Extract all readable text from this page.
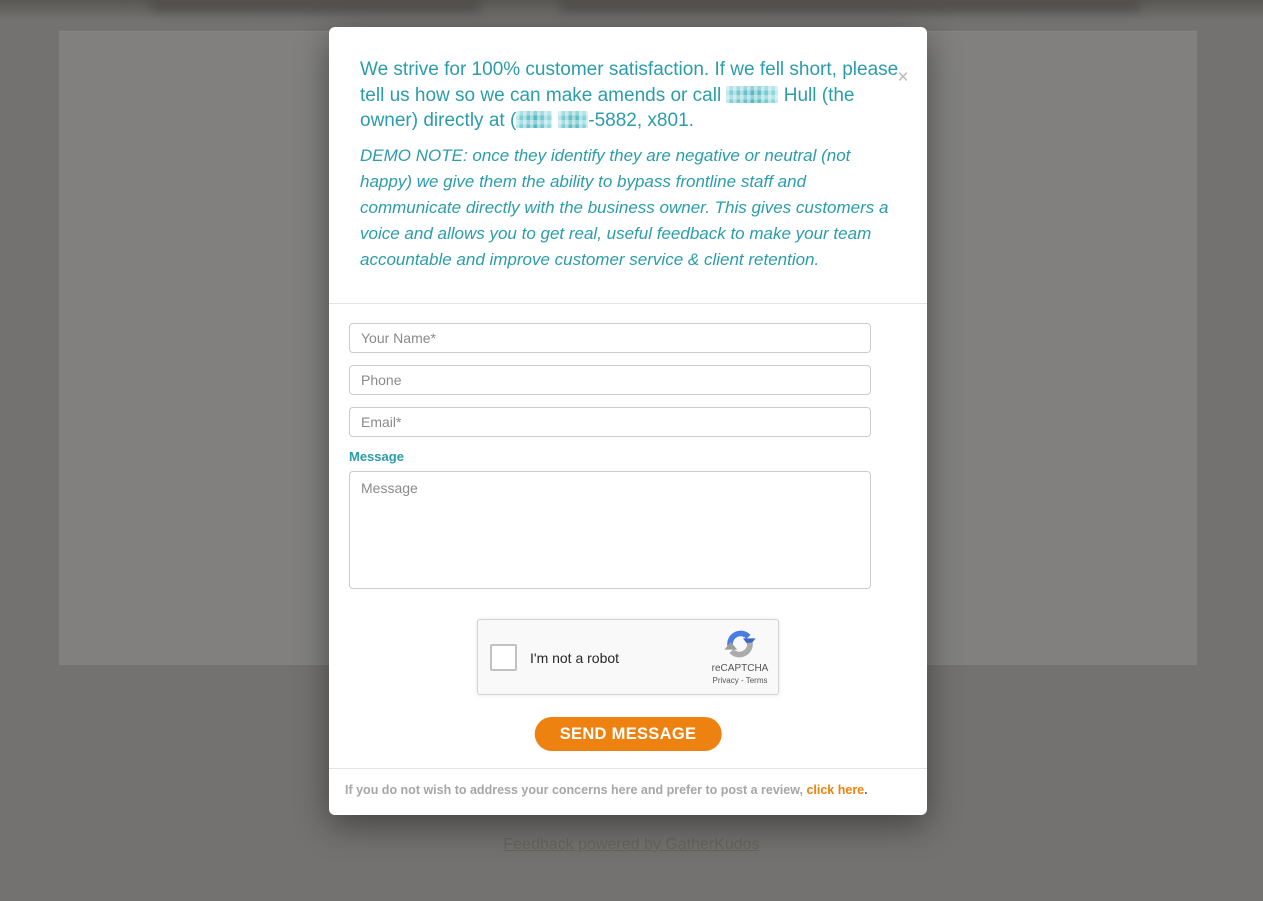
Feedback powered by GatherKudos
×

We strive for 100% customer satisfaction. If we fell short, please tell us how so we can make amends or call	Hull (the owner) directly at (	-5882, x801.

DEMO NOTE: once they identify they are negative or neutral (not happy) we give them the ability to bypass frontline staff and communicate directly with the business owner. This gives customers a voice and allows you to get real, useful feedback to make your team accountable and improve customer service & client retention.

Your Name*
Phone
Email*
Message
Message
I'm not a robot
reCAPTCHA
Privacy - Terms
SEND MESSAGE

If you do not wish to address your concerns here and prefer to post a review, click here.
